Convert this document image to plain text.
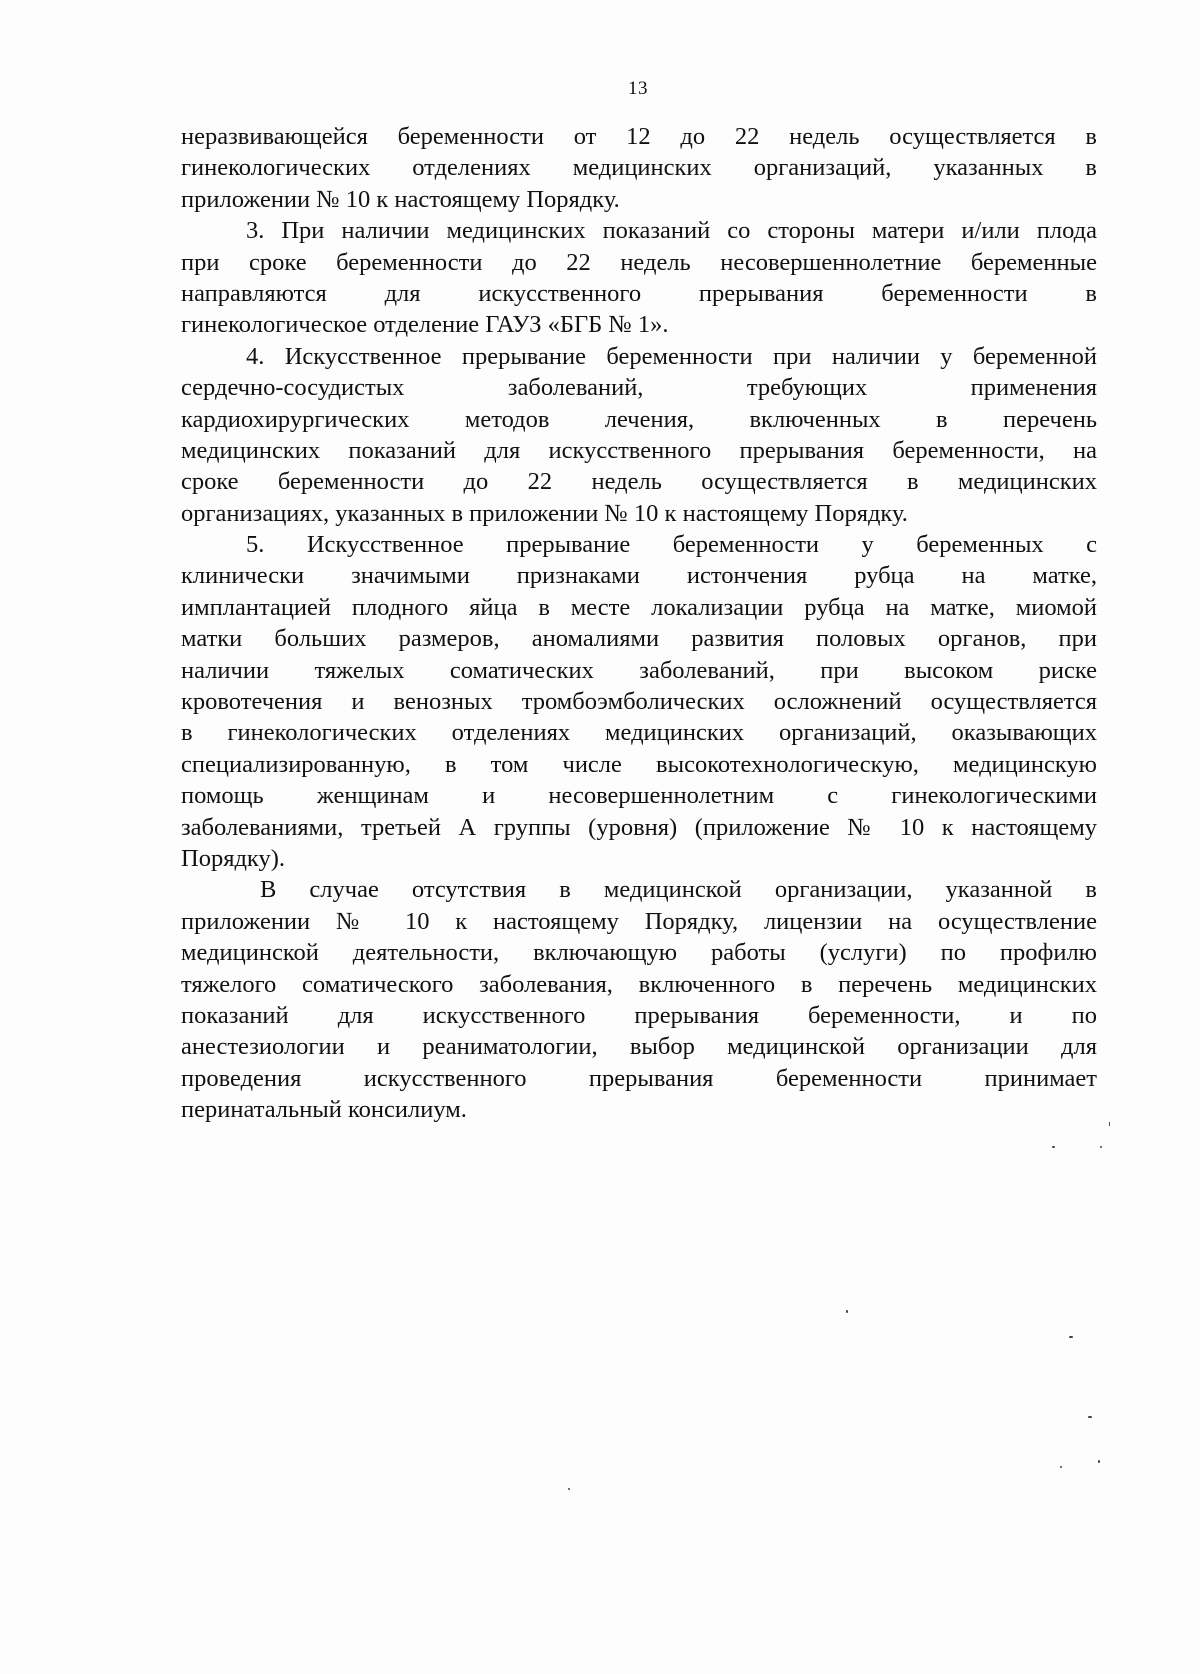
13
неразвивающейся беременности от 12 до 22 недель осуществляется в
гинекологических отделениях медицинских организаций, указанных в
приложении № 10 к настоящему Порядку.
3. При наличии медицинских показаний со стороны матери и/или плода
при сроке беременности до 22 недель несовершеннолетние беременные
направляются для искусственного прерывания беременности в
гинекологическое отделение ГАУЗ «БГБ № 1».
4. Искусственное прерывание беременности при наличии у беременной
сердечно-сосудистых заболеваний, требующих применения
кардиохирургических методов лечения, включенных в перечень
медицинских показаний для искусственного прерывания беременности, на
сроке беременности до 22 недель осуществляется в медицинских
организациях, указанных в приложении № 10 к настоящему Порядку.
5. Искусственное прерывание беременности у беременных с
клинически значимыми признаками истончения рубца на матке,
имплантацией плодного яйца в месте локализации рубца на матке, миомой
матки больших размеров, аномалиями развития половых органов, при
наличии тяжелых соматических заболеваний, при высоком риске
кровотечения и венозных тромбоэмболических осложнений осуществляется
в гинекологических отделениях медицинских организаций, оказывающих
специализированную, в том числе высокотехнологическую, медицинскую
помощь женщинам и несовершеннолетним с гинекологическими
заболеваниями, третьей А группы (уровня) (приложение № 10 к настоящему
Порядку).
В случае отсутствия в медицинской организации, указанной в
приложении № 10 к настоящему Порядку, лицензии на осуществление
медицинской деятельности, включающую работы (услуги) по профилю
тяжелого соматического заболевания, включенного в перечень медицинских
показаний для искусственного прерывания беременности, и по
анестезиологии и реаниматологии, выбор медицинской организации для
проведения искусственного прерывания беременности принимает
перинатальный консилиум.
